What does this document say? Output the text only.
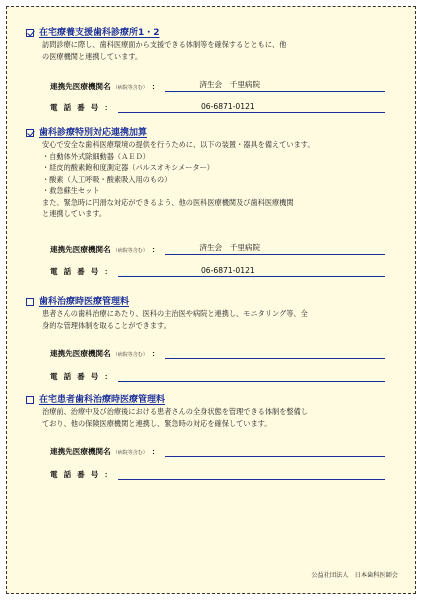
在宅療養支援歯科診療所1・2
訪問診療に際し、歯科医療面から支援できる体制等を確保するとともに、他
の医療機関と連携しています。
連携先医療機関名 （病院等含む） ：	済生会　千里病院
電話番号 ：	06-6871-0121
歯科診療特別対応連携加算
安心で安全な歯科医療環境の提供を行うために、以下の装置・器具を備えています。
・自動体外式除細動器（ＡＥＤ）
・経皮的酸素飽和度測定器（パルスオキシメーター）
・酸素（人工呼吸・酸素吸入用のもの）
・救急蘇生セット
また、緊急時に円滑な対応ができるよう、他の医科医療機関及び歯科医療機関
と連携しています。
連携先医療機関名 （病院等含む） ：	済生会　千里病院
電話番号 ：	06-6871-0121
歯科治療時医療管理料
患者さんの歯科治療にあたり、医科の主治医や病院と連携し、モニタリング等、全
身的な管理体制を取ることができます。
連携先医療機関名 （病院等含む） ：
電話番号 ：
在宅患者歯科治療時医療管理料
治療前、治療中及び治療後における患者さんの全身状態を管理できる体制を整備し
ており、他の保険医療機関と連携し、緊急時の対応を確保しています。
連携先医療機関名 （病院等含む） ：
電話番号 ：
公益社団法人　日本歯科医師会
